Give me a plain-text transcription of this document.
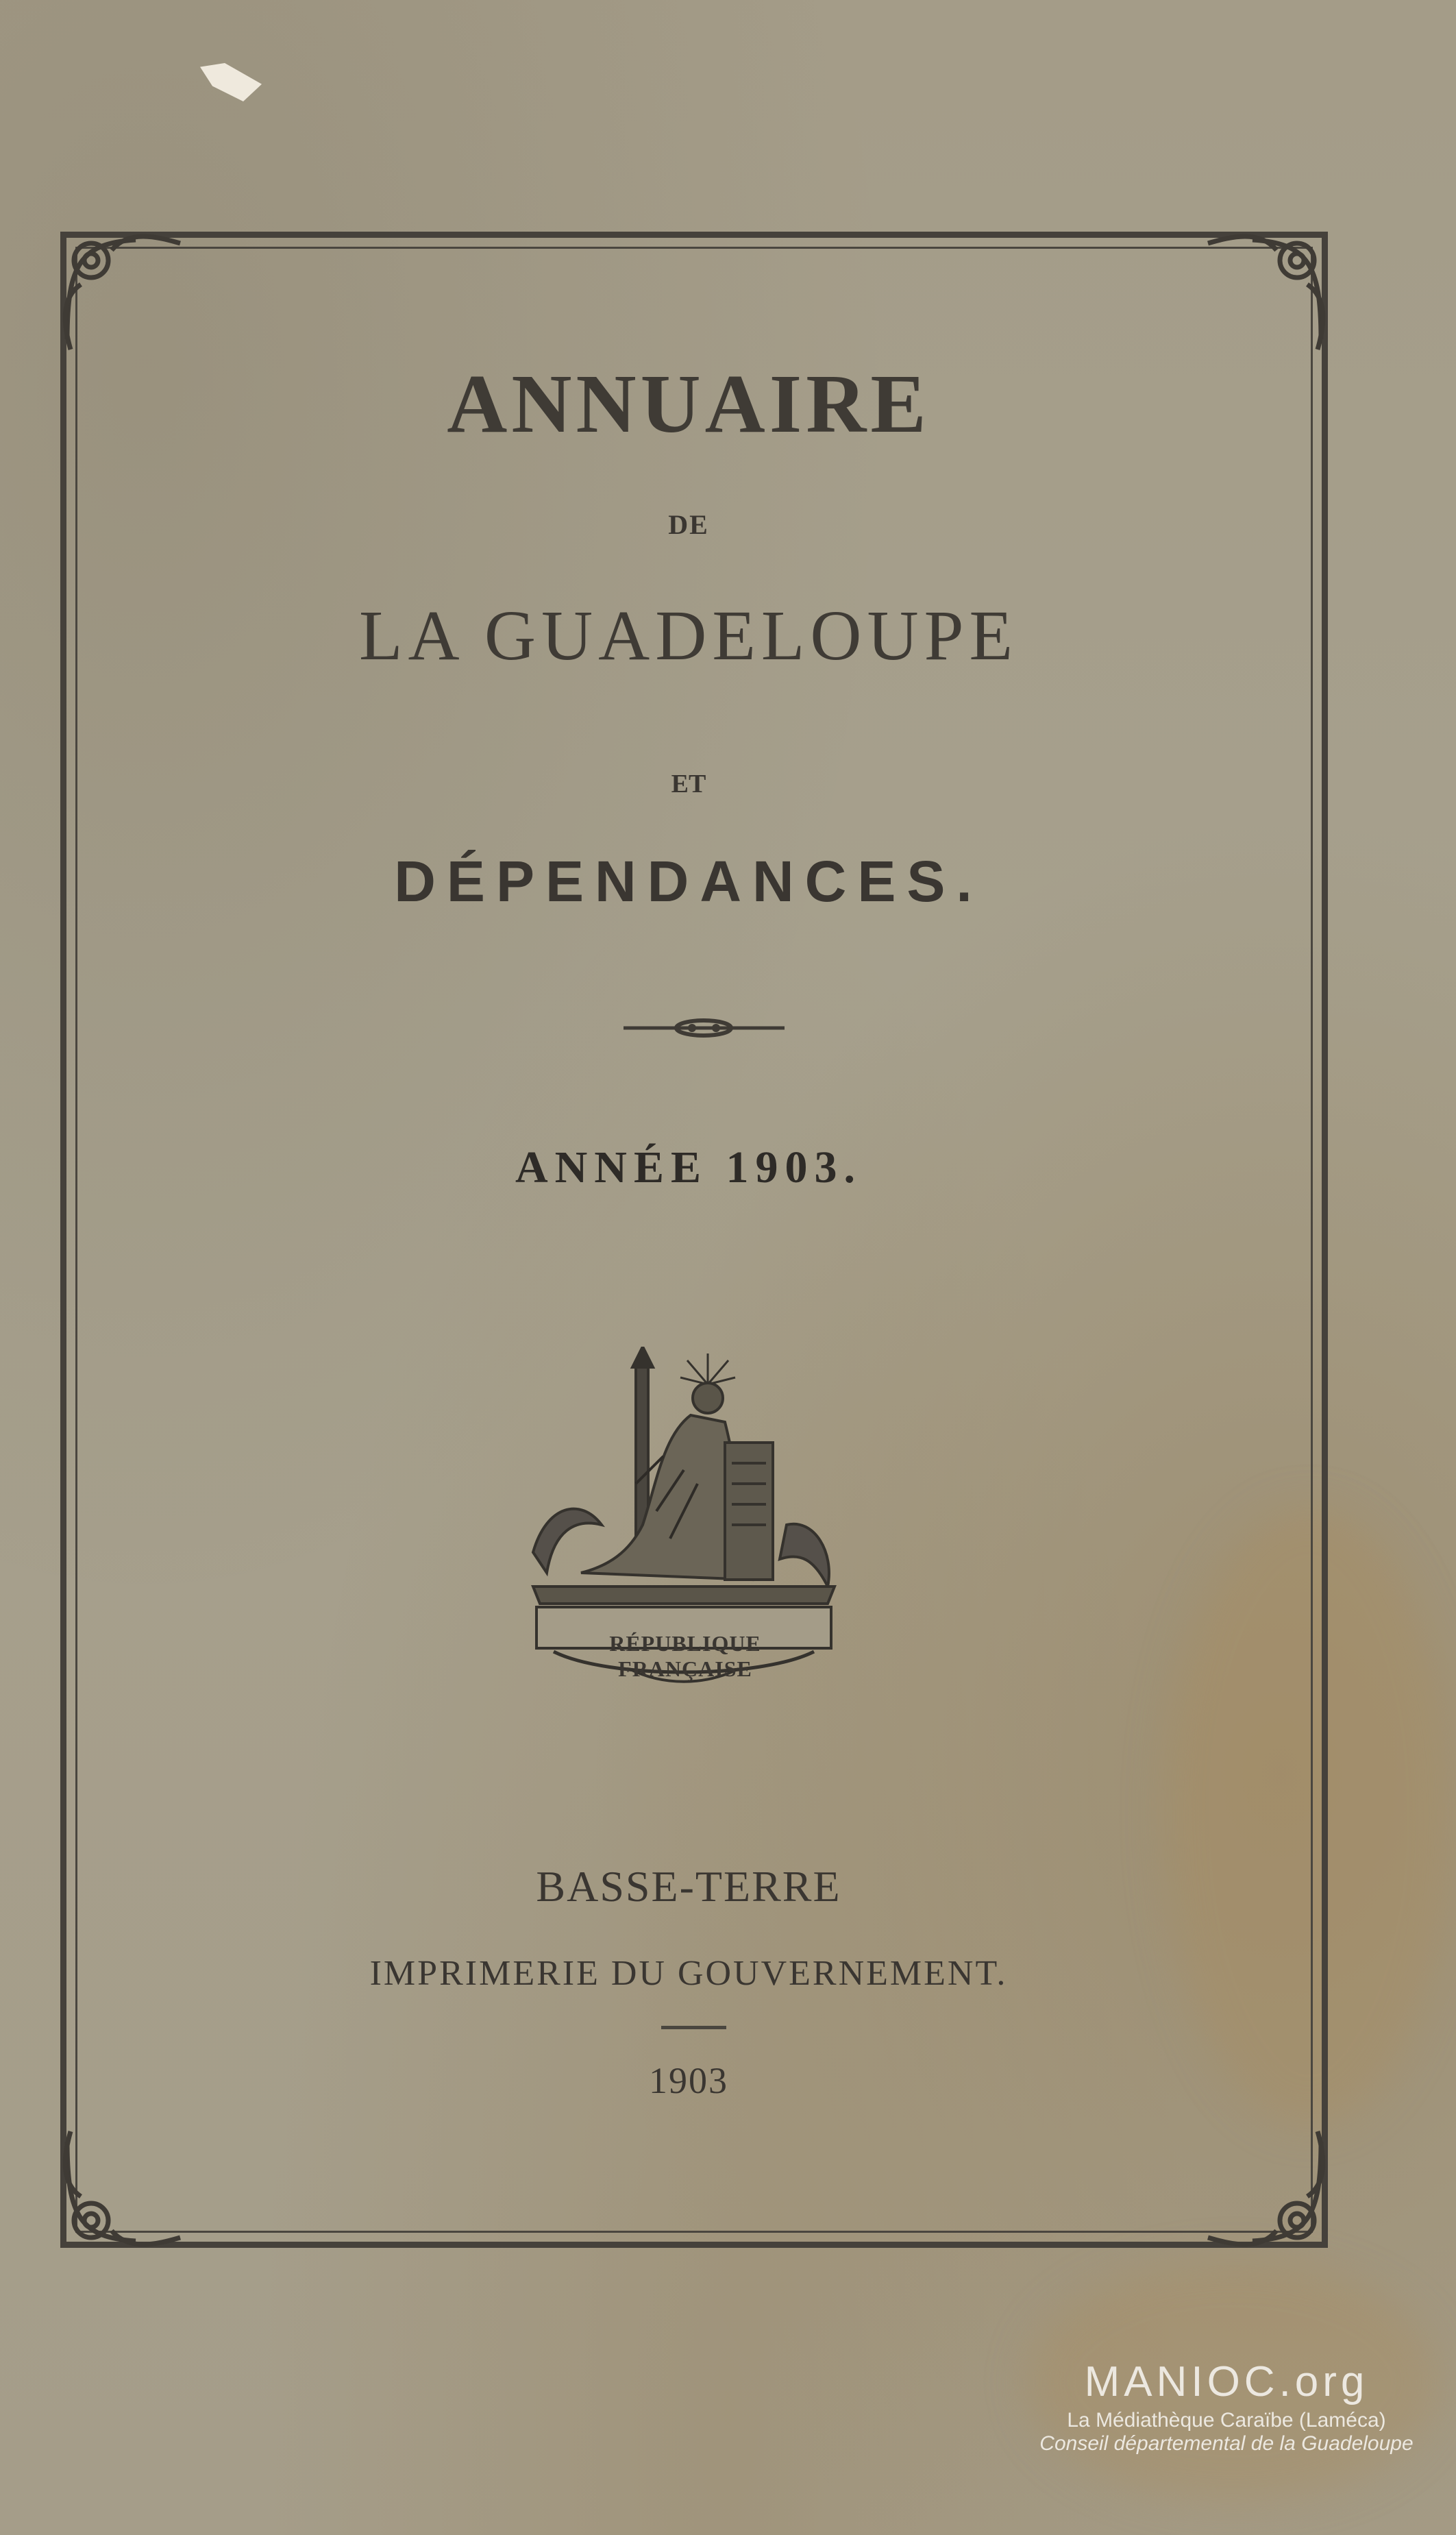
ANNUAIRE
DE
LA GUADELOUPE
ET
DÉPENDANCES.
ANNÉE 1903.
RÉPUBLIQUE FRANÇAISE
BASSE-TERRE
IMPRIMERIE DU GOUVERNEMENT.
1903
MANIOC.org
La Médiathèque Caraïbe (Laméca)
Conseil départemental de la Guadeloupe
